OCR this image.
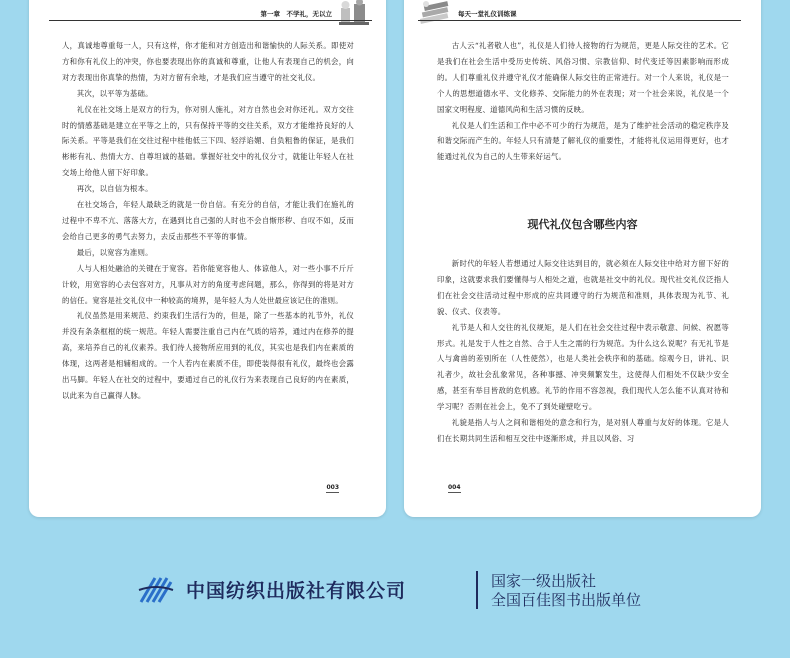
第一章　不学礼，无以立

人，真诚地尊重每一人，只有这样，你才能和对方创造出和谐愉快的人际关系。即使对方和你有礼仪上的冲突，你也要表现出你的真诚和尊重，让他人有表现自己的机会，向对方表现出你真挚的热情，为对方留有余地，才是我们应当遵守的社交礼仪。

其次，以平等为基础。

礼仪在社交场上是双方的行为，你对别人施礼，对方自然也会对你还礼。双方交往时的情感基础是建立在平等之上的，只有保持平等的交往关系，双方才能维持良好的人际关系。平等是我们在交往过程中桂他低三下四、轻浮谄媚、自负粗鲁的保证，是我们彬彬有礼、热情大方、自尊坦诚的基础。掌握好社交中的礼仪分寸，就能让年轻人在社交场上给他人留下好印象。

再次，以自信为根本。

在社交场合，年轻人最缺乏的就是一份自信。有充分的自信，才能让我们在施礼的过程中不卑不亢、落落大方，在遇到比自己强的人时也不会自惭形秽、自叹不如，反而会给自己更多的勇气去努力，去反击那些不平等的事情。

最后，以宽容为准则。

人与人相处融洽的关键在于宽容。若你能宽容他人、体谅他人，对一些小事不斤斤计较，用宽容的心去包容对方，凡事从对方的角度考虑问题，那么，你得到的将是对方的信任。宽容是社交礼仪中一种较高的境界，是年轻人为人处世最应该记住的准则。

礼仪虽然是用来规范、约束我们生活行为的，但是，除了一些基本的礼节外，礼仪并没有条条框框的统一规范。年轻人需要注重自己内在气质的培养，通过内在修养的提高，来培养自己的礼仪素养。我们待人接物所应用到的礼仪，其实也是我们内在素质的体现，这两者是相辅相成的。一个人若内在素质不佳，即使装得很有礼仪，最终也会露出马脚。年轻人在社交的过程中，要通过自己的礼仪行为来表现自己良好的内在素质，以此来为自己赢得人脉。

003
每天一堂礼仪训练课

古人云“礼者敬人也”，礼仪是人们待人接物的行为规范，更是人际交往的艺术。它是我们在社会生活中受历史传统、风俗习惯、宗教信仰、时代变迁等因素影响而形成的。人们尊重礼仪并遵守礼仪才能确保人际交往的正常进行。对一个人来说，礼仪是一个人的思想道德水平、文化修养、交际能力的外在表现；对一个社会来说，礼仪是一个国家文明程度、道德风尚和生活习惯的反映。

礼仪是人们生活和工作中必不可少的行为规范，是为了维护社会活动的稳定秩序及和谐交际而产生的。年轻人只有清楚了解礼仪的重要性，才能将礼仪运用得更好，也才能通过礼仪为自己的人生带来好运气。

现代礼仪包含哪些内容

新时代的年轻人若想通过人际交往达到目的，就必须在人际交往中给对方留下好的印象，这就要求我们要懂得与人相处之道，也就是社交中的礼仪。现代社交礼仪泛指人们在社会交往活动过程中形成的应共同遵守的行为规范和准则，具体表现为礼节、礼貌、仪式、仪表等。

礼节是人和人交往的礼仪规矩，是人们在社会交往过程中表示敬意、问候、祝愿等形式。礼是发于人性之自然、合于人生之需的行为规范。为什么这么说呢？有无礼节是人与禽兽的差别所在（人性使然），也是人类社会秩序和的基础。综观今日，讲礼、识礼者少，故社会乱象常见，各种事撼、冲突频繁发生，这使得人们相处不仅缺少安全感，甚至有举目皆敌的危机感。礼节的作用不容忽视，我们现代人怎么能不认真对待和学习呢？否则在社会上，免不了到处碰壁吃亏。

礼貌是指人与人之间和谐相处的意念和行为，是对别人尊重与友好的体现。它是人们在长期共同生活和相互交往中逐渐形成，并且以风俗、习

004
中国纺织出版社有限公司	国家一级出版社
全国百佳图书出版单位
